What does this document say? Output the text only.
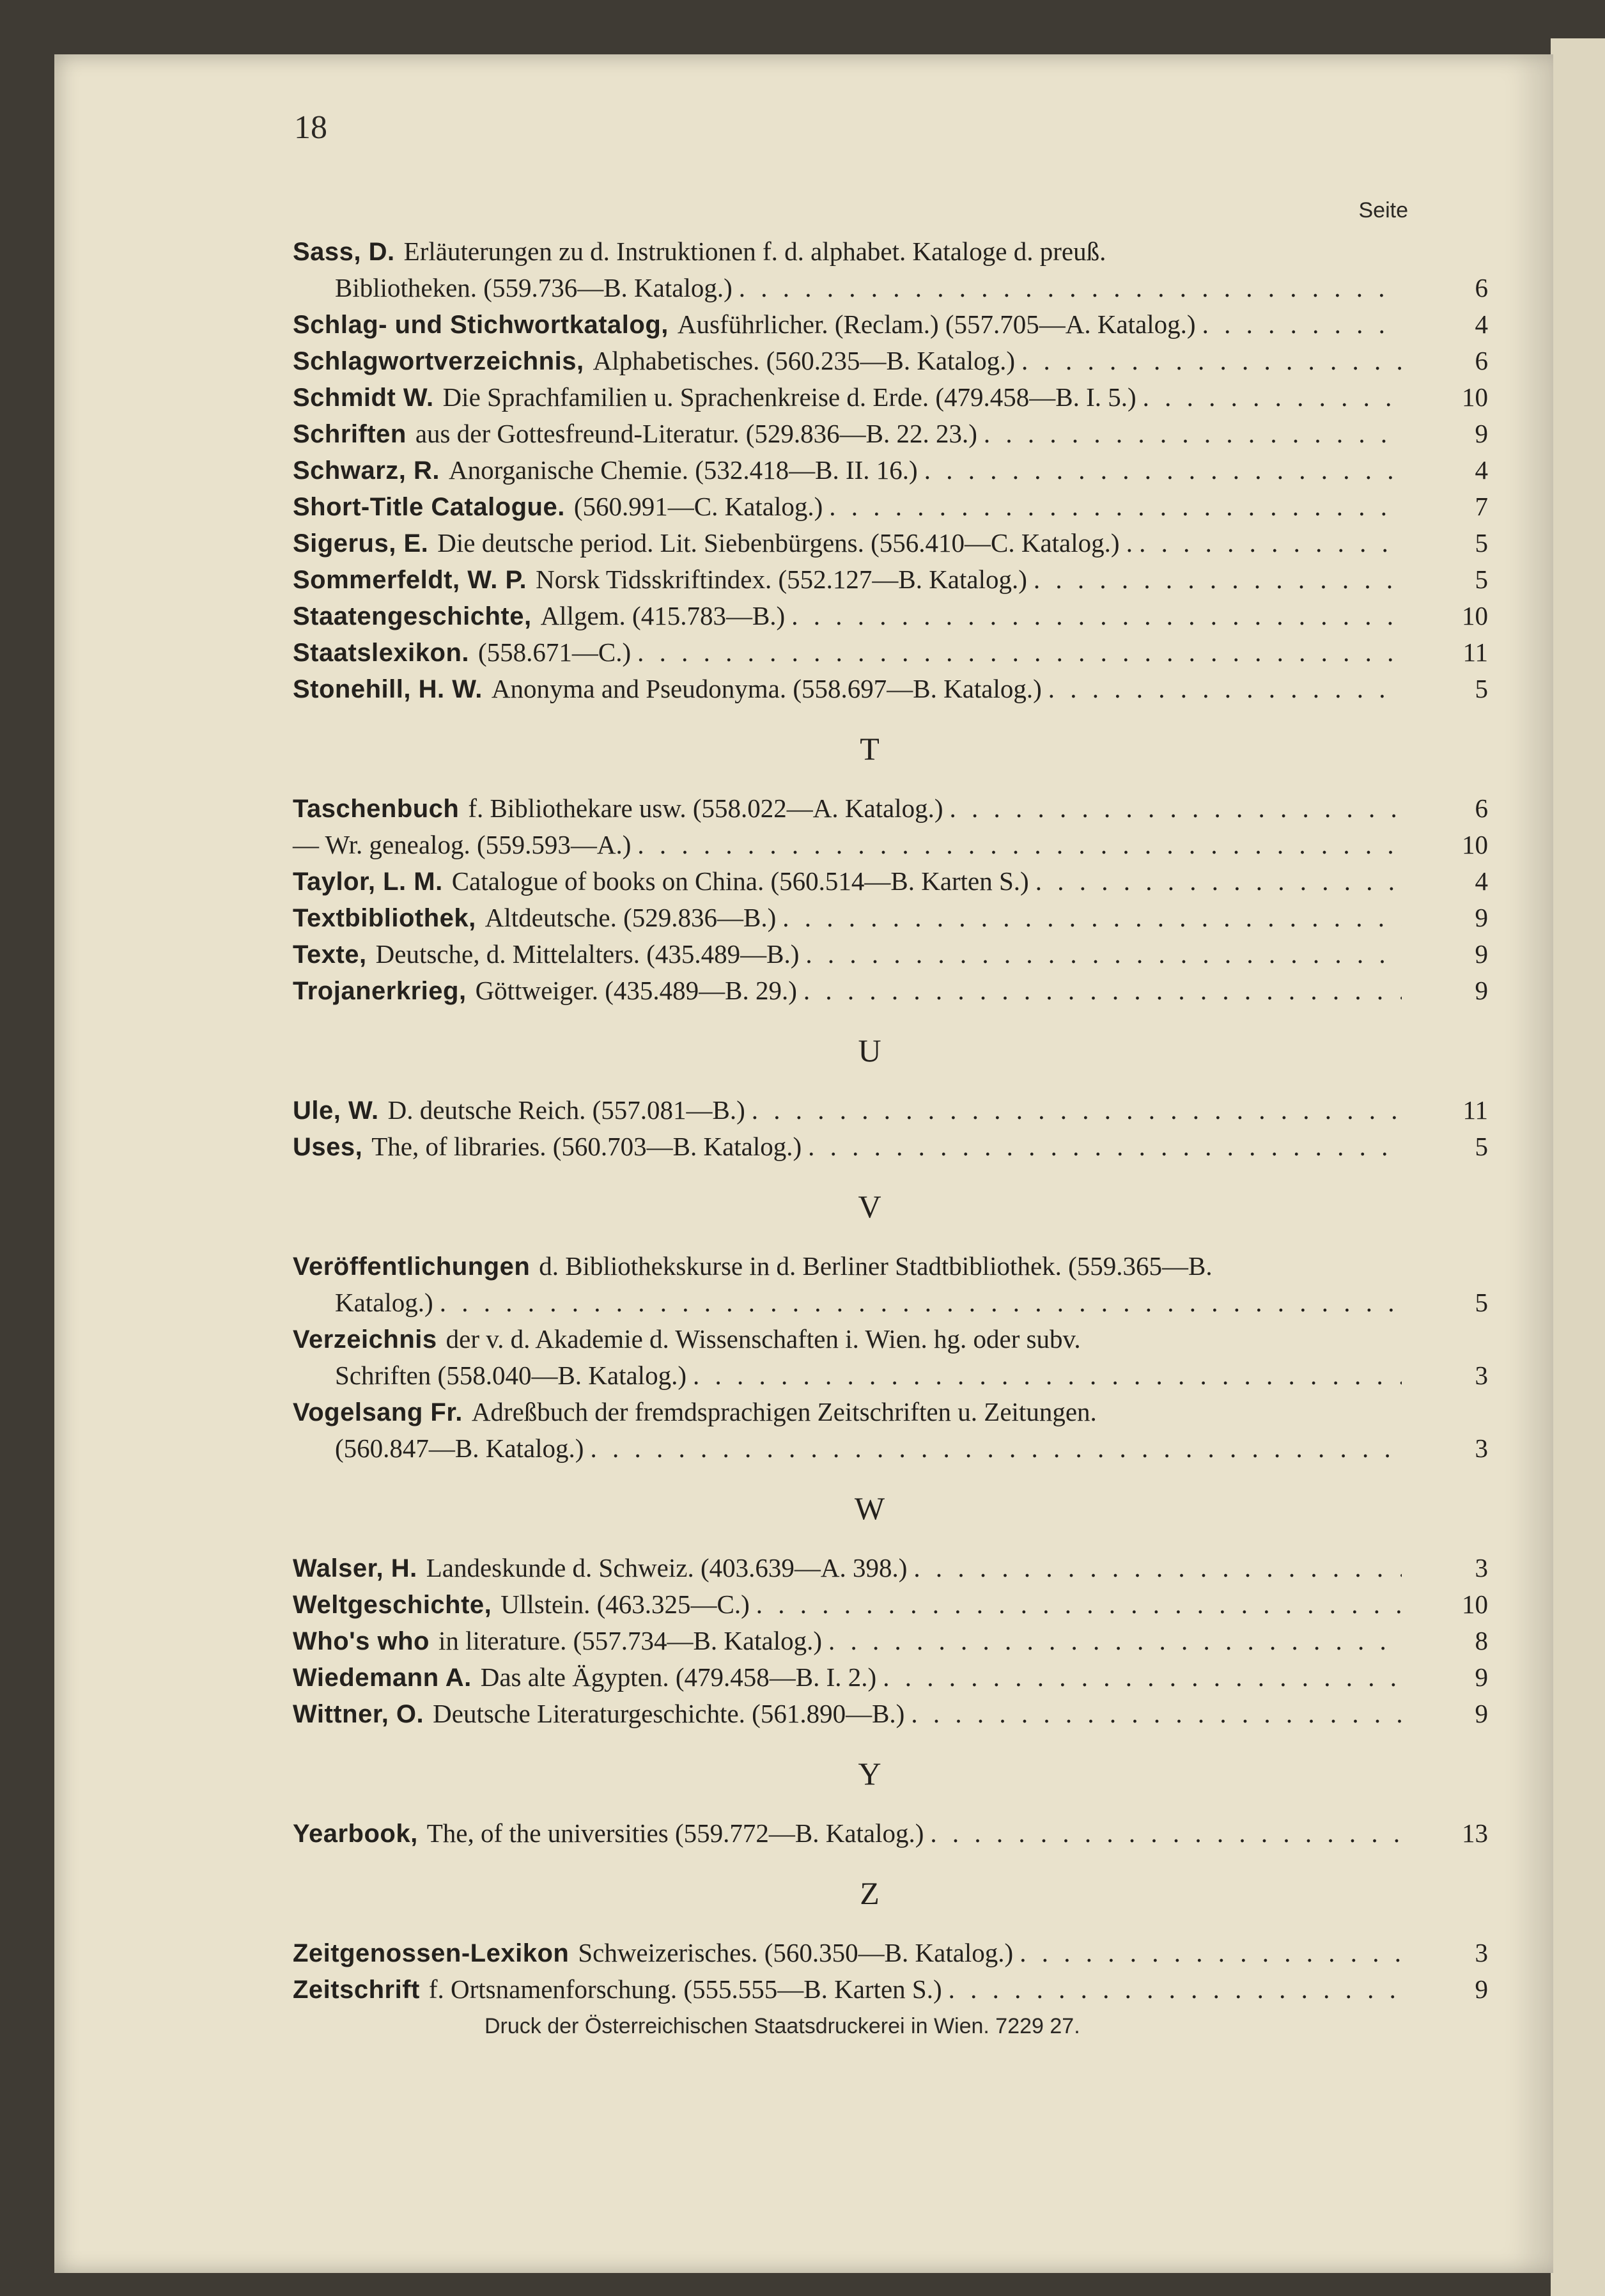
18
Seite
Sass, D. Erläuterungen zu d. Instruktionen f. d. alphabet. Kataloge d. preuß.
Bibliotheken. (559.736—B. Katalog.) . . .	6
Schlag- und Stichwortkatalog, Ausführlicher. (Reclam.) (557.705—A. Katalog.) . . .	4
Schlagwortverzeichnis, Alphabetisches. (560.235—B. Katalog.) . . .	6
Schmidt W. Die Sprachfamilien u. Sprachenkreise d. Erde. (479.458—B. I. 5.) . . .	10
Schriften aus der Gottesfreund-Literatur. (529.836—B. 22. 23.) . . .	9
Schwarz, R. Anorganische Chemie. (532.418—B. II. 16.) . . .	4
Short-Title Catalogue. (560.991—C. Katalog.) . . .	7
Sigerus, E. Die deutsche period. Lit. Siebenbürgens. (556.410—C. Katalog.) . . . .	5
Sommerfeldt, W. P. Norsk Tidsskriftindex. (552.127—B. Katalog.) . . .	5
Staatengeschichte, Allgem. (415.783—B.) . . .	10
Staatslexikon. (558.671—C.) . . .	11
Stonehill, H. W. Anonyma and Pseudonyma. (558.697—B. Katalog.) . . .	5
T
Taschenbuch f. Bibliothekare usw. (558.022—A. Katalog.) . . .	6
— Wr. genealog. (559.593—A.) . . .	10
Taylor, L. M. Catalogue of books on China. (560.514—B. Karten S.) . . .	4
Textbibliothek, Altdeutsche. (529.836—B.) . . .	9
Texte, Deutsche, d. Mittelalters. (435.489—B.) . . .	9
Trojanerkrieg, Göttweiger. (435.489—B. 29.) . . .	9
U
Ule, W. D. deutsche Reich. (557.081—B.) . . .	11
Uses, The, of libraries. (560.703—B. Katalog.) . . .	5
V
Veröffentlichungen d. Bibliothekskurse in d. Berliner Stadtbibliothek. (559.365—B.
Katalog.) . . .	5
Verzeichnis der v. d. Akademie d. Wissenschaften i. Wien. hg. oder subv.
Schriften (558.040—B. Katalog.) . . .	3
Vogelsang Fr. Adreßbuch der fremdsprachigen Zeitschriften u. Zeitungen.
(560.847—B. Katalog.) . . .	3
W
Walser, H. Landeskunde d. Schweiz. (403.639—A. 398.) . . .	3
Weltgeschichte, Ullstein. (463.325—C.) . . .	10
Who's who in literature. (557.734—B. Katalog.) . . .	8
Wiedemann A. Das alte Ägypten. (479.458—B. I. 2.) . . .	9
Wittner, O. Deutsche Literaturgeschichte. (561.890—B.) . . .	9
Y
Yearbook, The, of the universities (559.772—B. Katalog.) . . .	13
Z
Zeitgenossen-Lexikon Schweizerisches. (560.350—B. Katalog.) . . .	3
Zeitschrift f. Ortsnamenforschung. (555.555—B. Karten S.) . . .	9
Druck der Österreichischen Staatsdruckerei in Wien. 7229 27.
